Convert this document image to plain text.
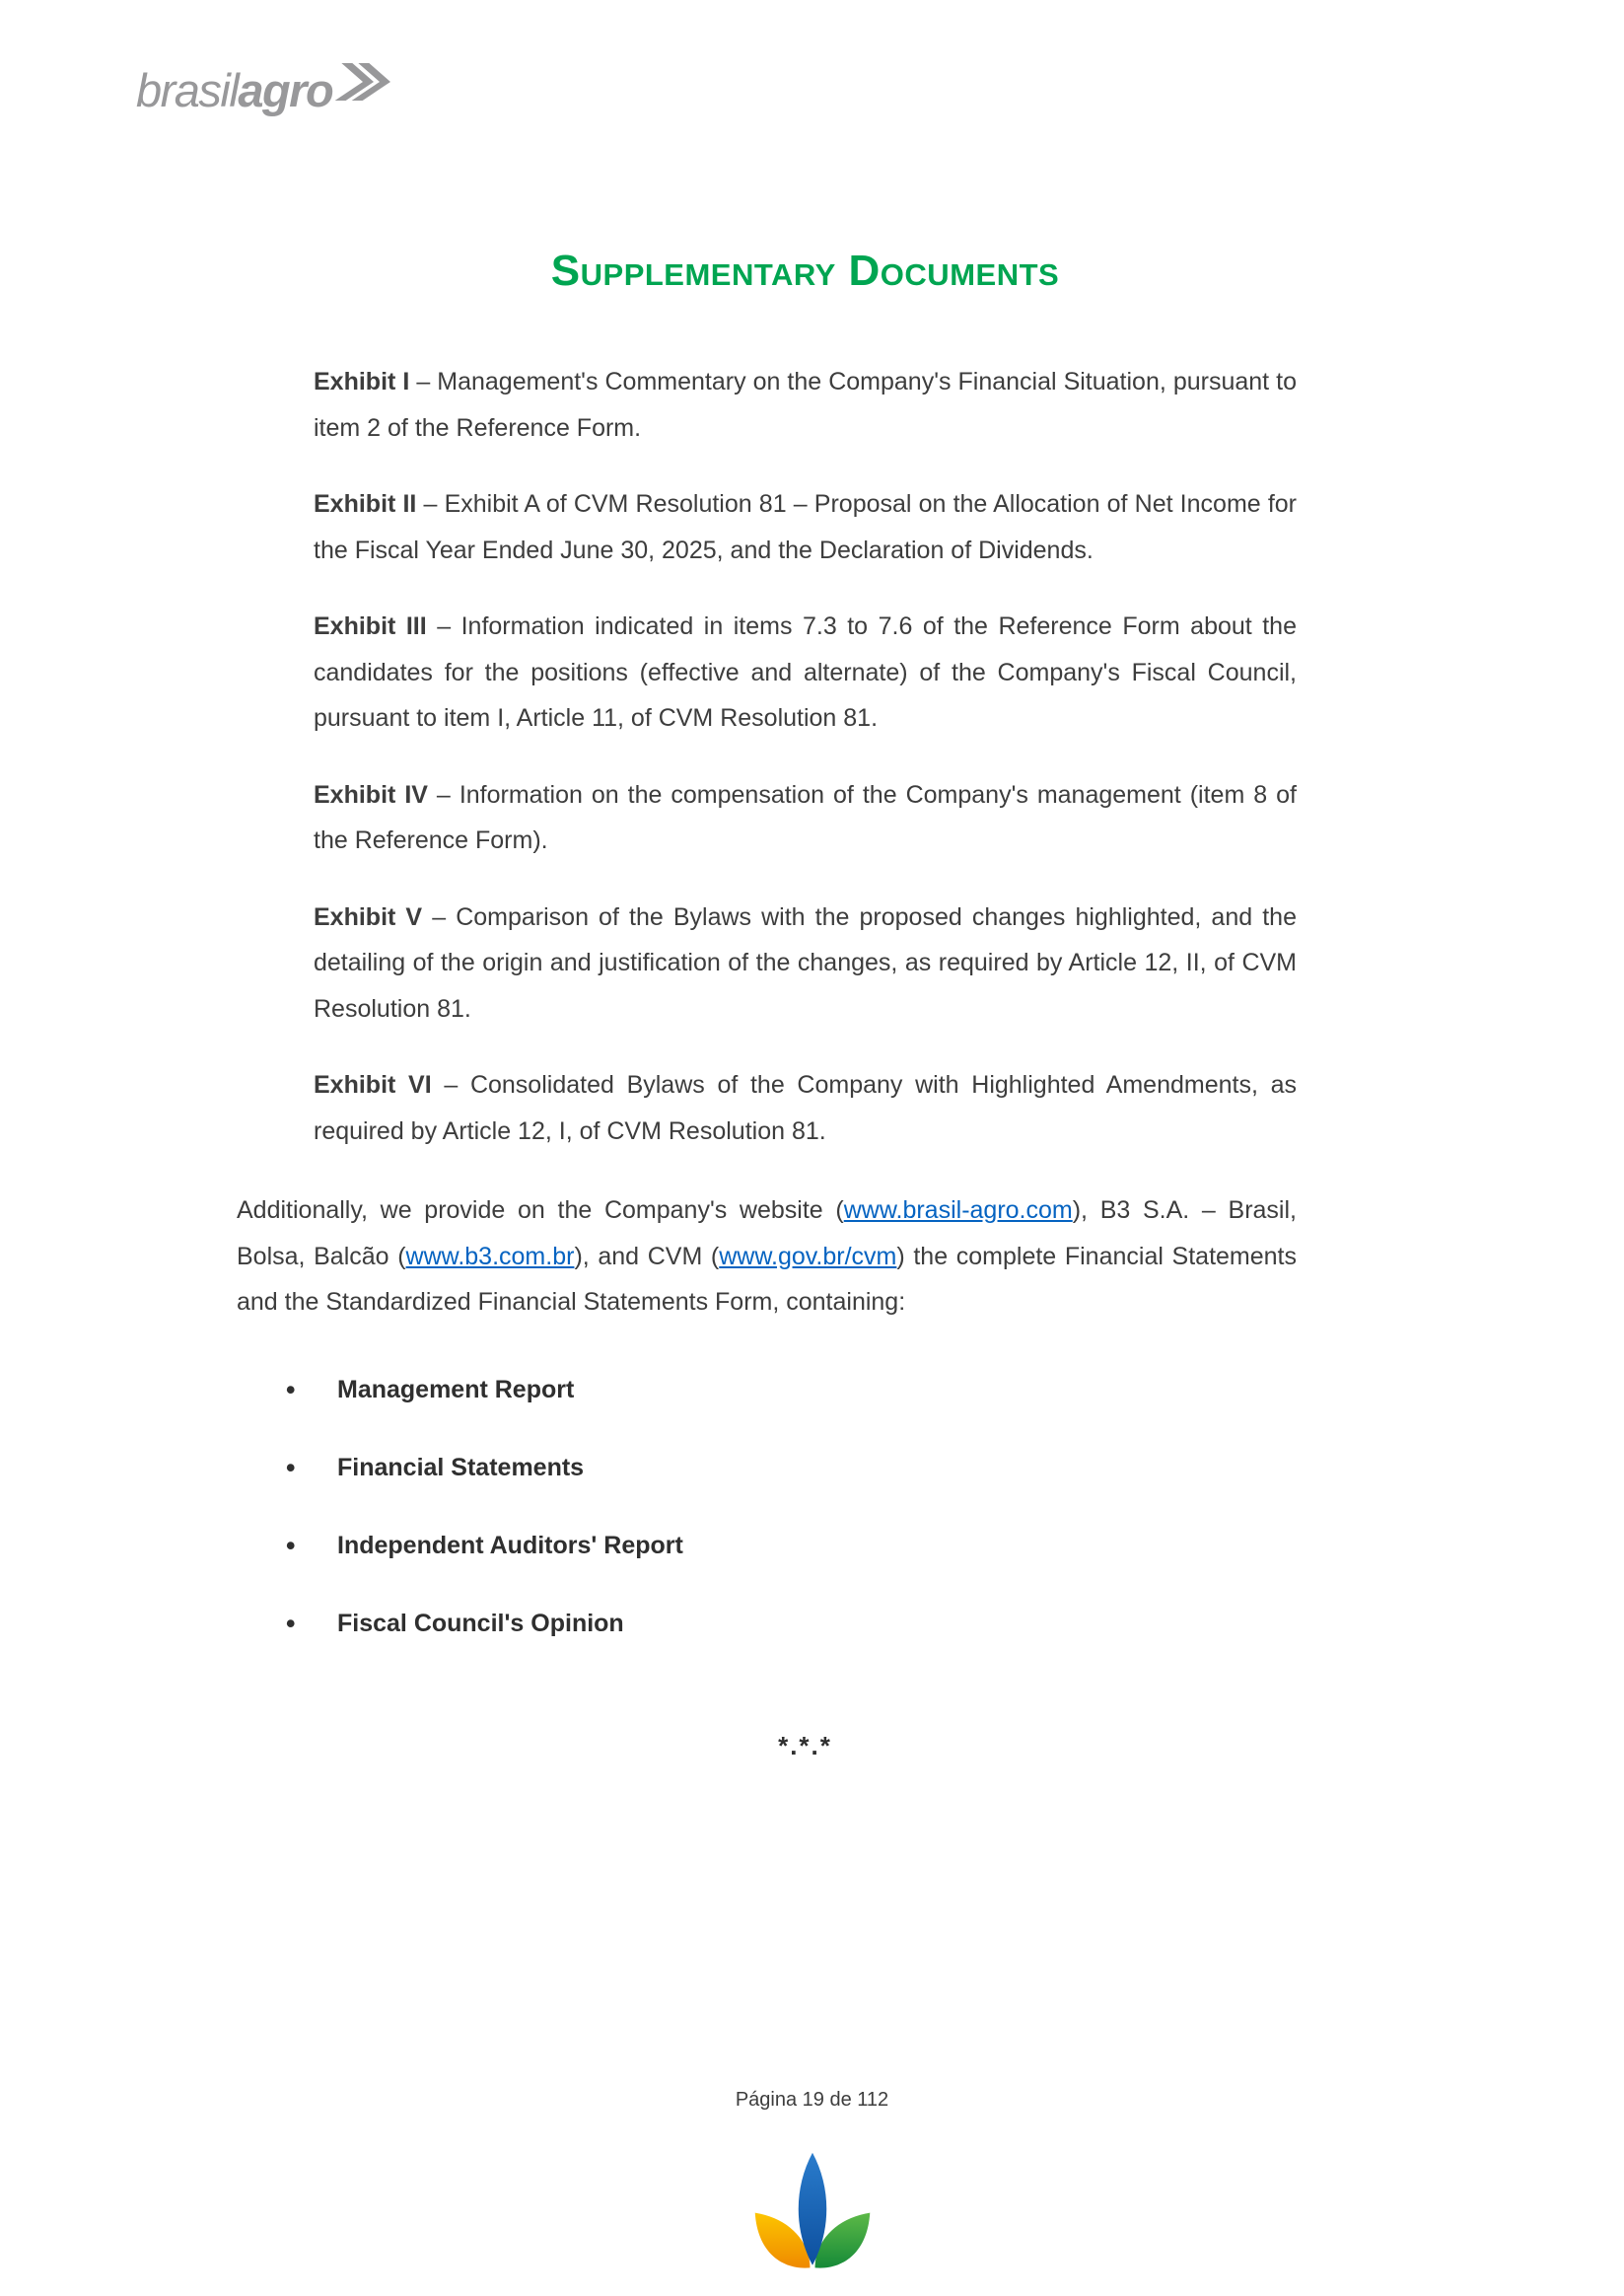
brasilagro
Supplementary Documents

Exhibit I – Management's Commentary on the Company's Financial Situation, pursuant to item 2 of the Reference Form.

Exhibit II – Exhibit A of CVM Resolution 81 – Proposal on the Allocation of Net Income for the Fiscal Year Ended June 30, 2025, and the Declaration of Dividends.

Exhibit III – Information indicated in items 7.3 to 7.6 of the Reference Form about the candidates for the positions (effective and alternate) of the Company's Fiscal Council, pursuant to item I, Article 11, of CVM Resolution 81.

Exhibit IV – Information on the compensation of the Company's management (item 8 of the Reference Form).

Exhibit V – Comparison of the Bylaws with the proposed changes highlighted, and the detailing of the origin and justification of the changes, as required by Article 12, II, of CVM Resolution 81.

Exhibit VI – Consolidated Bylaws of the Company with Highlighted Amendments, as required by Article 12, I, of CVM Resolution 81.

Additionally, we provide on the Company's website (www.brasil-agro.com), B3 S.A. – Brasil, Bolsa, Balcão (www.b3.com.br), and CVM (www.gov.br/cvm) the complete Financial Statements and the Standardized Financial Statements Form, containing:

• Management Report
• Financial Statements
• Independent Auditors' Report
• Fiscal Council's Opinion
*.*.*
Página 19 de 112
